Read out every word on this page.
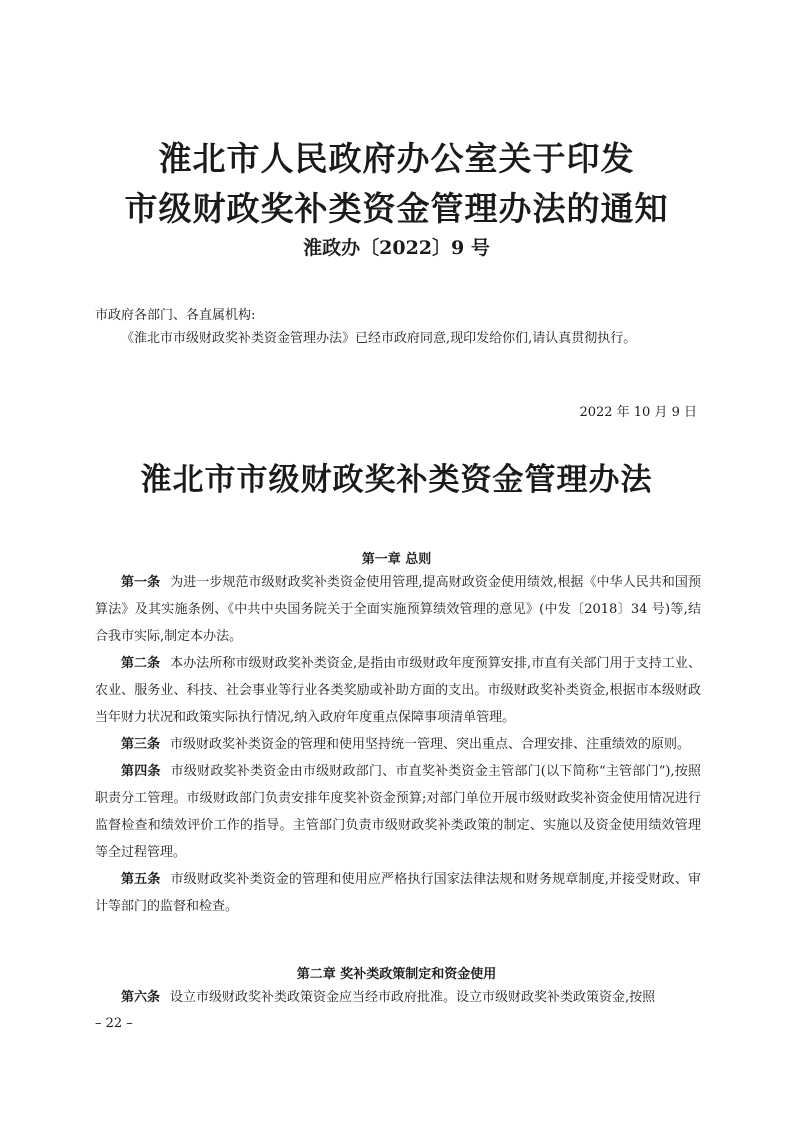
淮北市人民政府办公室关于印发
市级财政奖补类资金管理办法的通知
淮政办〔2022〕9 号
市政府各部门、各直属机构:
《淮北市市级财政奖补类资金管理办法》已经市政府同意,现印发给你们,请认真贯彻执行。
2022 年 10 月 9 日
淮北市市级财政奖补类资金管理办法
第一章 总则

第一条 为进一步规范市级财政奖补类资金使用管理,提高财政资金使用绩效,根据《中华人民共和国预算法》及其实施条例、《中共中央国务院关于全面实施预算绩效管理的意见》(中发〔2018〕34 号)等,结合我市实际,制定本办法。

第二条 本办法所称市级财政奖补类资金,是指由市级财政年度预算安排,市直有关部门用于支持工业、农业、服务业、科技、社会事业等行业各类奖励或补助方面的支出。市级财政奖补类资金,根据市本级财政当年财力状况和政策实际执行情况,纳入政府年度重点保障事项清单管理。

第三条 市级财政奖补类资金的管理和使用坚持统一管理、突出重点、合理安排、注重绩效的原则。

第四条 市级财政奖补类资金由市级财政部门、市直奖补类资金主管部门(以下简称“主管部门”),按照职责分工管理。市级财政部门负责安排年度奖补资金预算;对部门单位开展市级财政奖补资金使用情况进行监督检查和绩效评价工作的指导。主管部门负责市级财政奖补类政策的制定、实施以及资金使用绩效管理等全过程管理。

第五条 市级财政奖补类资金的管理和使用应严格执行国家法律法规和财务规章制度,并接受财政、审计等部门的监督和检查。

第二章 奖补类政策制定和资金使用

第六条 设立市级财政奖补类政策资金应当经市政府批准。设立市级财政奖补类政策资金,按照

– 22 –
